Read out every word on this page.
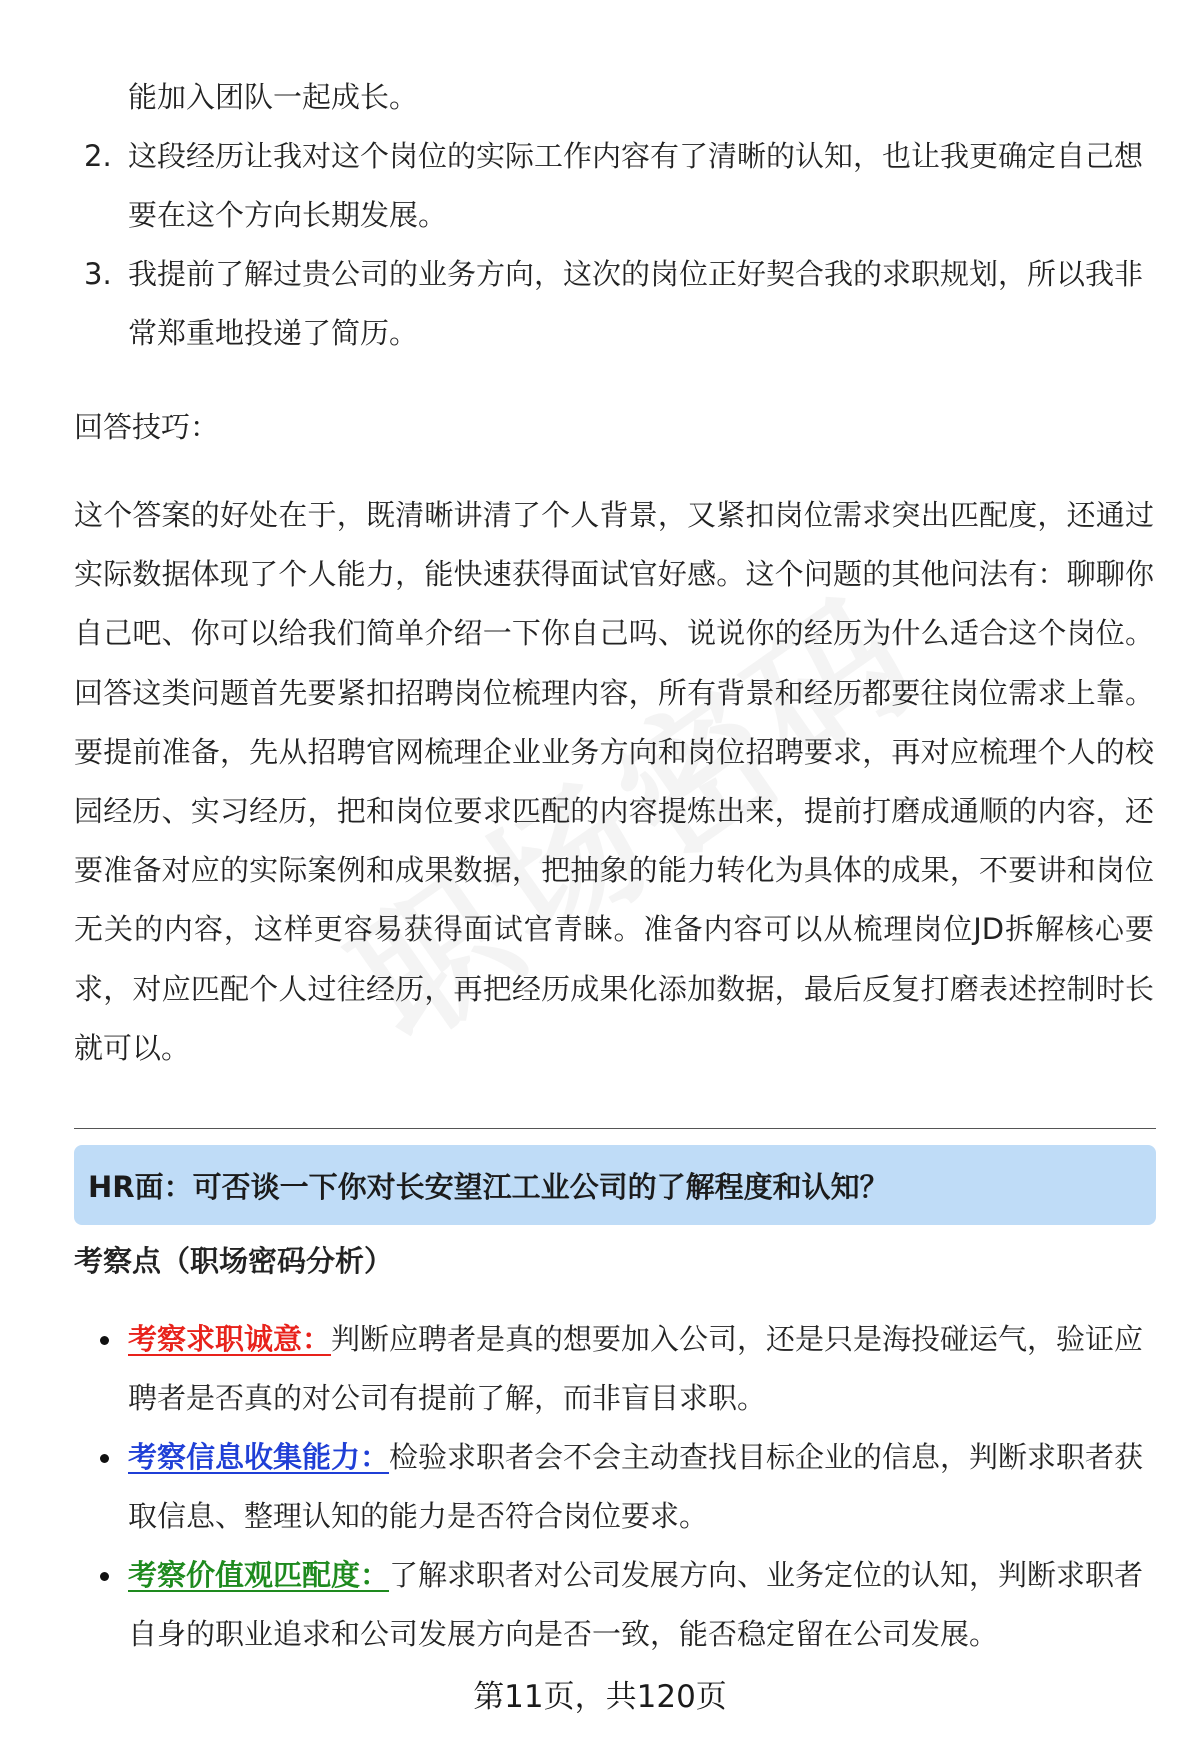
能加入团队一起成长。
2. 这段经历让我对这个岗位的实际工作内容有了清晰的认知，也让我更确定自己想要在这个方向长期发展。
3. 我提前了解过贵公司的业务方向，这次的岗位正好契合我的求职规划，所以我非常郑重地投递了简历。
回答技巧：

这个答案的好处在于，既清晰讲清了个人背景，又紧扣岗位需求突出匹配度，还通过实际数据体现了个人能力，能快速获得面试官好感。这个问题的其他问法有：聊聊你自己吧、你可以给我们简单介绍一下你自己吗、说说你的经历为什么适合这个岗位。回答这类问题首先要紧扣招聘岗位梳理内容，所有背景和经历都要往岗位需求上靠。要提前准备，先从招聘官网梳理企业业务方向和岗位招聘要求，再对应梳理个人的校园经历、实习经历，把和岗位要求匹配的内容提炼出来，提前打磨成通顺的内容，还要准备对应的实际案例和成果数据，把抽象的能力转化为具体的成果，不要讲和岗位无关的内容，这样更容易获得面试官青睐。准备内容可以从梳理岗位JD拆解核心要求，对应匹配个人过往经历，再把经历成果化添加数据，最后反复打磨表述控制时长就可以。

HR面：可否谈一下你对长安望江工业公司的了解程度和认知？
考察点（职场密码分析）
考察求职诚意：判断应聘者是真的想要加入公司，还是只是海投碰运气，验证应聘者是否真的对公司有提前了解，而非盲目求职。
考察信息收集能力：检验求职者会不会主动查找目标企业的信息，判断求职者获取信息、整理认知的能力是否符合岗位要求。
考察价值观匹配度：了解求职者对公司发展方向、业务定位的认知，判断求职者自身的职业追求和公司发展方向是否一致，能否稳定留在公司发展。
第11页，共120页
